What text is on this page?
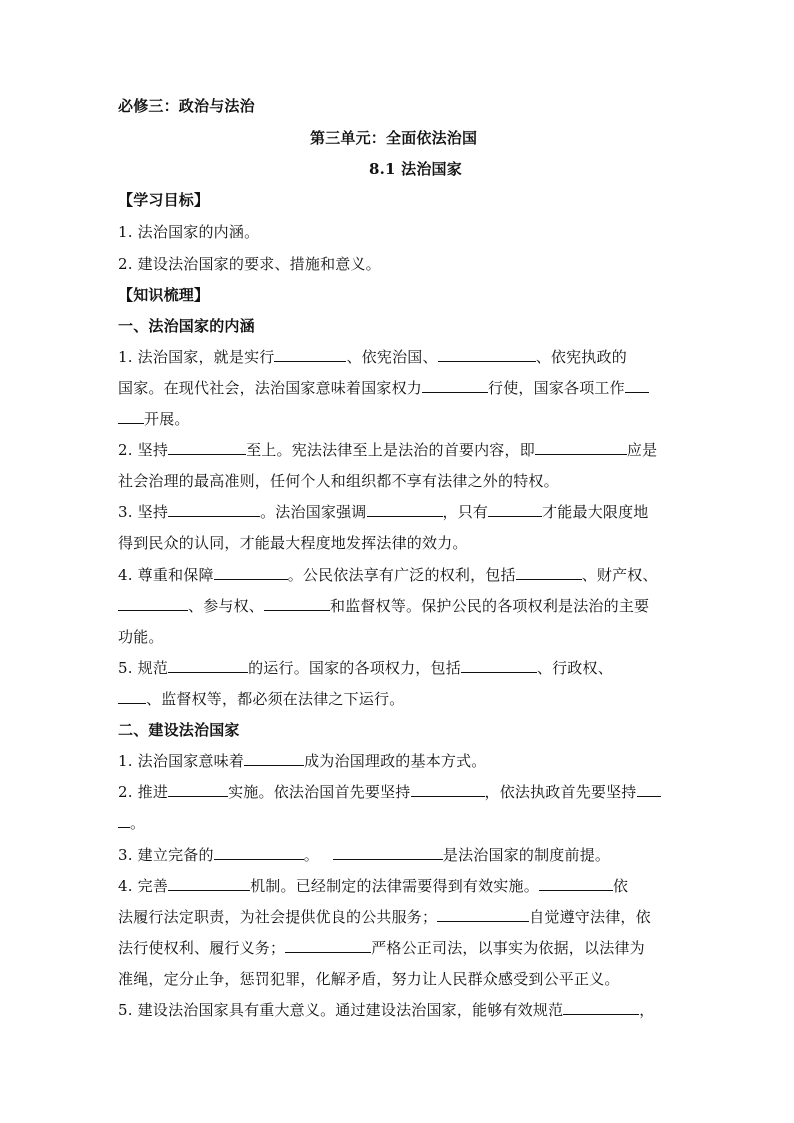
必修三：政治与法治
第三单元：全面依法治国
8.1 法治国家
【学习目标】
1. 法治国家的内涵。
2. 建设法治国家的要求、措施和意义。
【知识梳理】
一、法治国家的内涵
1. 法治国家，就是实行	、依宪治国、	、依宪执政的
国家。在现代社会，法治国家意味着国家权力	行使，国家各项工作
开展。
2. 坚持	至上。宪法法律至上是法治的首要内容，即	应是
社会治理的最高准则，任何个人和组织都不享有法律之外的特权。
3. 坚持	。法治国家强调	，只有	才能最大限度地
得到民众的认同，才能最大程度地发挥法律的效力。
4. 尊重和保障	。公民依法享有广泛的权利，包括	、财产权、
、参与权、	和监督权等。保护公民的各项权利是法治的主要
功能。
5. 规范	的运行。国家的各项权力，包括	、行政权、
、监督权等，都必须在法律之下运行。
二、建设法治国家
1. 法治国家意味着	成为治国理政的基本方式。
2. 推进	实施。依法治国首先要坚持	，依法执政首先要坚持
。
3. 建立完备的	。	是法治国家的制度前提。
4. 完善	机制。已经制定的法律需要得到有效实施。	依
法履行法定职责，为社会提供优良的公共服务；	自觉遵守法律，依
法行使权利、履行义务；	严格公正司法，以事实为依据，以法律为
准绳，定分止争，惩罚犯罪，化解矛盾，努力让人民群众感受到公平正义。
5. 建设法治国家具有重大意义。通过建设法治国家，能够有效规范	，
